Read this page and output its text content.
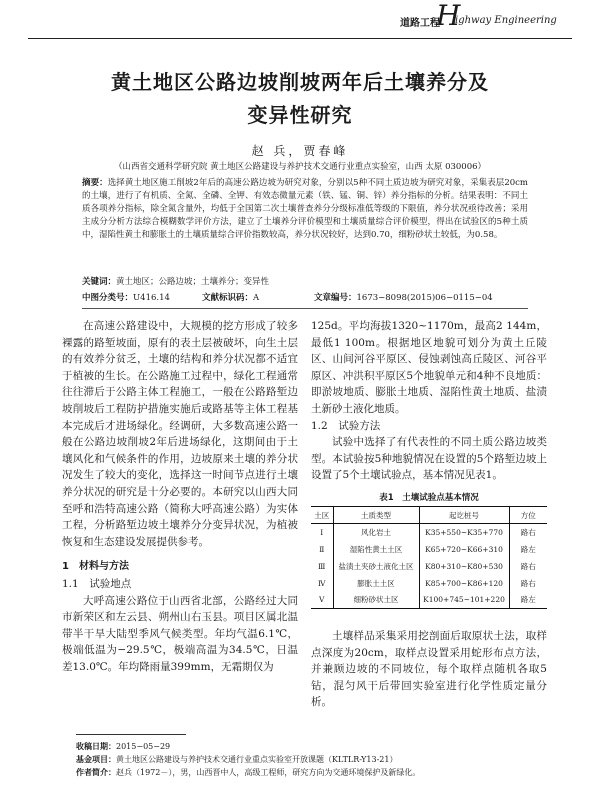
道路工程
H
ighway Engineering
黄土地区公路边坡削坡两年后土壤养分及
变异性研究
赵 兵，贾春峰
（山西省交通科学研究院 黄土地区公路建设与养护技术交通行业重点实验室，山西 太原 030006）
摘要：选择黄土地区施工削坡2年后的高速公路边坡为研究对象，分别以5种不同土质边坡为研究对象，采集表层20cm的土壤，进行了有机质、全氮、全磷、全钾、有效态微量元素（铁、锰、铜、锌）养分指标的分析。结果表明：不同土质各项养分指标，除全氮含量外，均低于全国第二次土壤普查养分分级标准低等级的下限值，养分状况亟待改善；采用主成分分析方法综合模糊数学评价方法，建立了土壤养分评价模型和土壤质量综合评价模型，得出在试验区的5种土质中，湿陷性黄土和膨胀土的土壤质量综合评价指数较高，养分状况较好，达到0.70，细粉砂状土较低，为0.58。
关键词：黄土地区；公路边坡；土壤养分；变异性
中图分类号：U416.14	文献标识码：A	文章编号：1673−8098(2015)06−0115−04

在高速公路建设中，大规模的挖方形成了较多裸露的路堑坡面，原有的表土层被破坏，向生土层的有效养分贫乏，土壤的结构和养分状况都不适宜于植被的生长。在公路施工过程中，绿化工程通常往往滞后于公路主体工程施工，一般在公路路堑边坡削坡后工程防护措施实施后或路基等主体工程基本完成后才进场绿化。经调研，大多数高速公路一般在公路边坡削坡2年后进场绿化，这期间由于土壤风化和气候条件的作用，边坡原来土壤的养分状况发生了较大的变化，选择这一时间节点进行土壤养分状况的研究是十分必要的。本研究以山西大同至呼和浩特高速公路（简称大呼高速公路）为实体工程，分析路堑边坡土壤养分分变异状况，为植被恢复和生态建设发展提供参考。

1　材料与方法

1.1　试验地点

大呼高速公路位于山西省北部，公路经过大同市新荣区和左云县、朔州山右玉县。项目区属北温带半干旱大陆型季风气候类型。年均气温6.1℃，极端低温为−29.5℃，极端高温为34.5℃，日温差13.0℃。年均降雨量399mm，无霜期仅为

125d。平均海拔1320~1170m，最高2 144m，最低1 100m。根据地区地貌可划分为黄土丘陵区、山间河谷平原区、侵蚀剥蚀高丘陵区、河谷平原区、冲洪积平原区5个地貌单元和4种不良地质：即淤坡地质、膨胀土地质、湿陷性黄土地质、盐渍土新砂土液化地质。

1.2　试验方法

试验中选择了有代表性的不同土质公路边坡类型。本试验按5种地貌情况在设置的5个路堑边坡上设置了5个土壤试验点，基本情况见表1。

表1　土壤试验点基本情况
土区	土质类型	起讫桩号	方位
Ⅰ	风化岩土	K35+550~K35+770	路右
Ⅱ	湿陷性黄土土区	K65+720~K66+310	路左
Ⅲ	盐渍土夹砂土液化土区	K80+310~K80+530	路右
Ⅳ	膨胀土土区	K85+700~K86+120	路右
Ⅴ	细粉砂状土区	K100+745~101+220	路左

土壤样品采集采用挖剖面后取原状土法，取样点深度为20cm，取样点设置采用蛇形布点方法，并兼顾边坡的不同坡位，每个取样点随机各取5钻，混匀风干后带回实验室进行化学性质定量分析。

收稿日期：2015−05−29
基金项目：黄土地区公路建设与养护技术交通行业重点实验室开放课题（KLTLR-Y13-21）
作者简介：赵兵（1972－），男，山西晋中人，高级工程师，研究方向为交通环境保护及新绿化。
